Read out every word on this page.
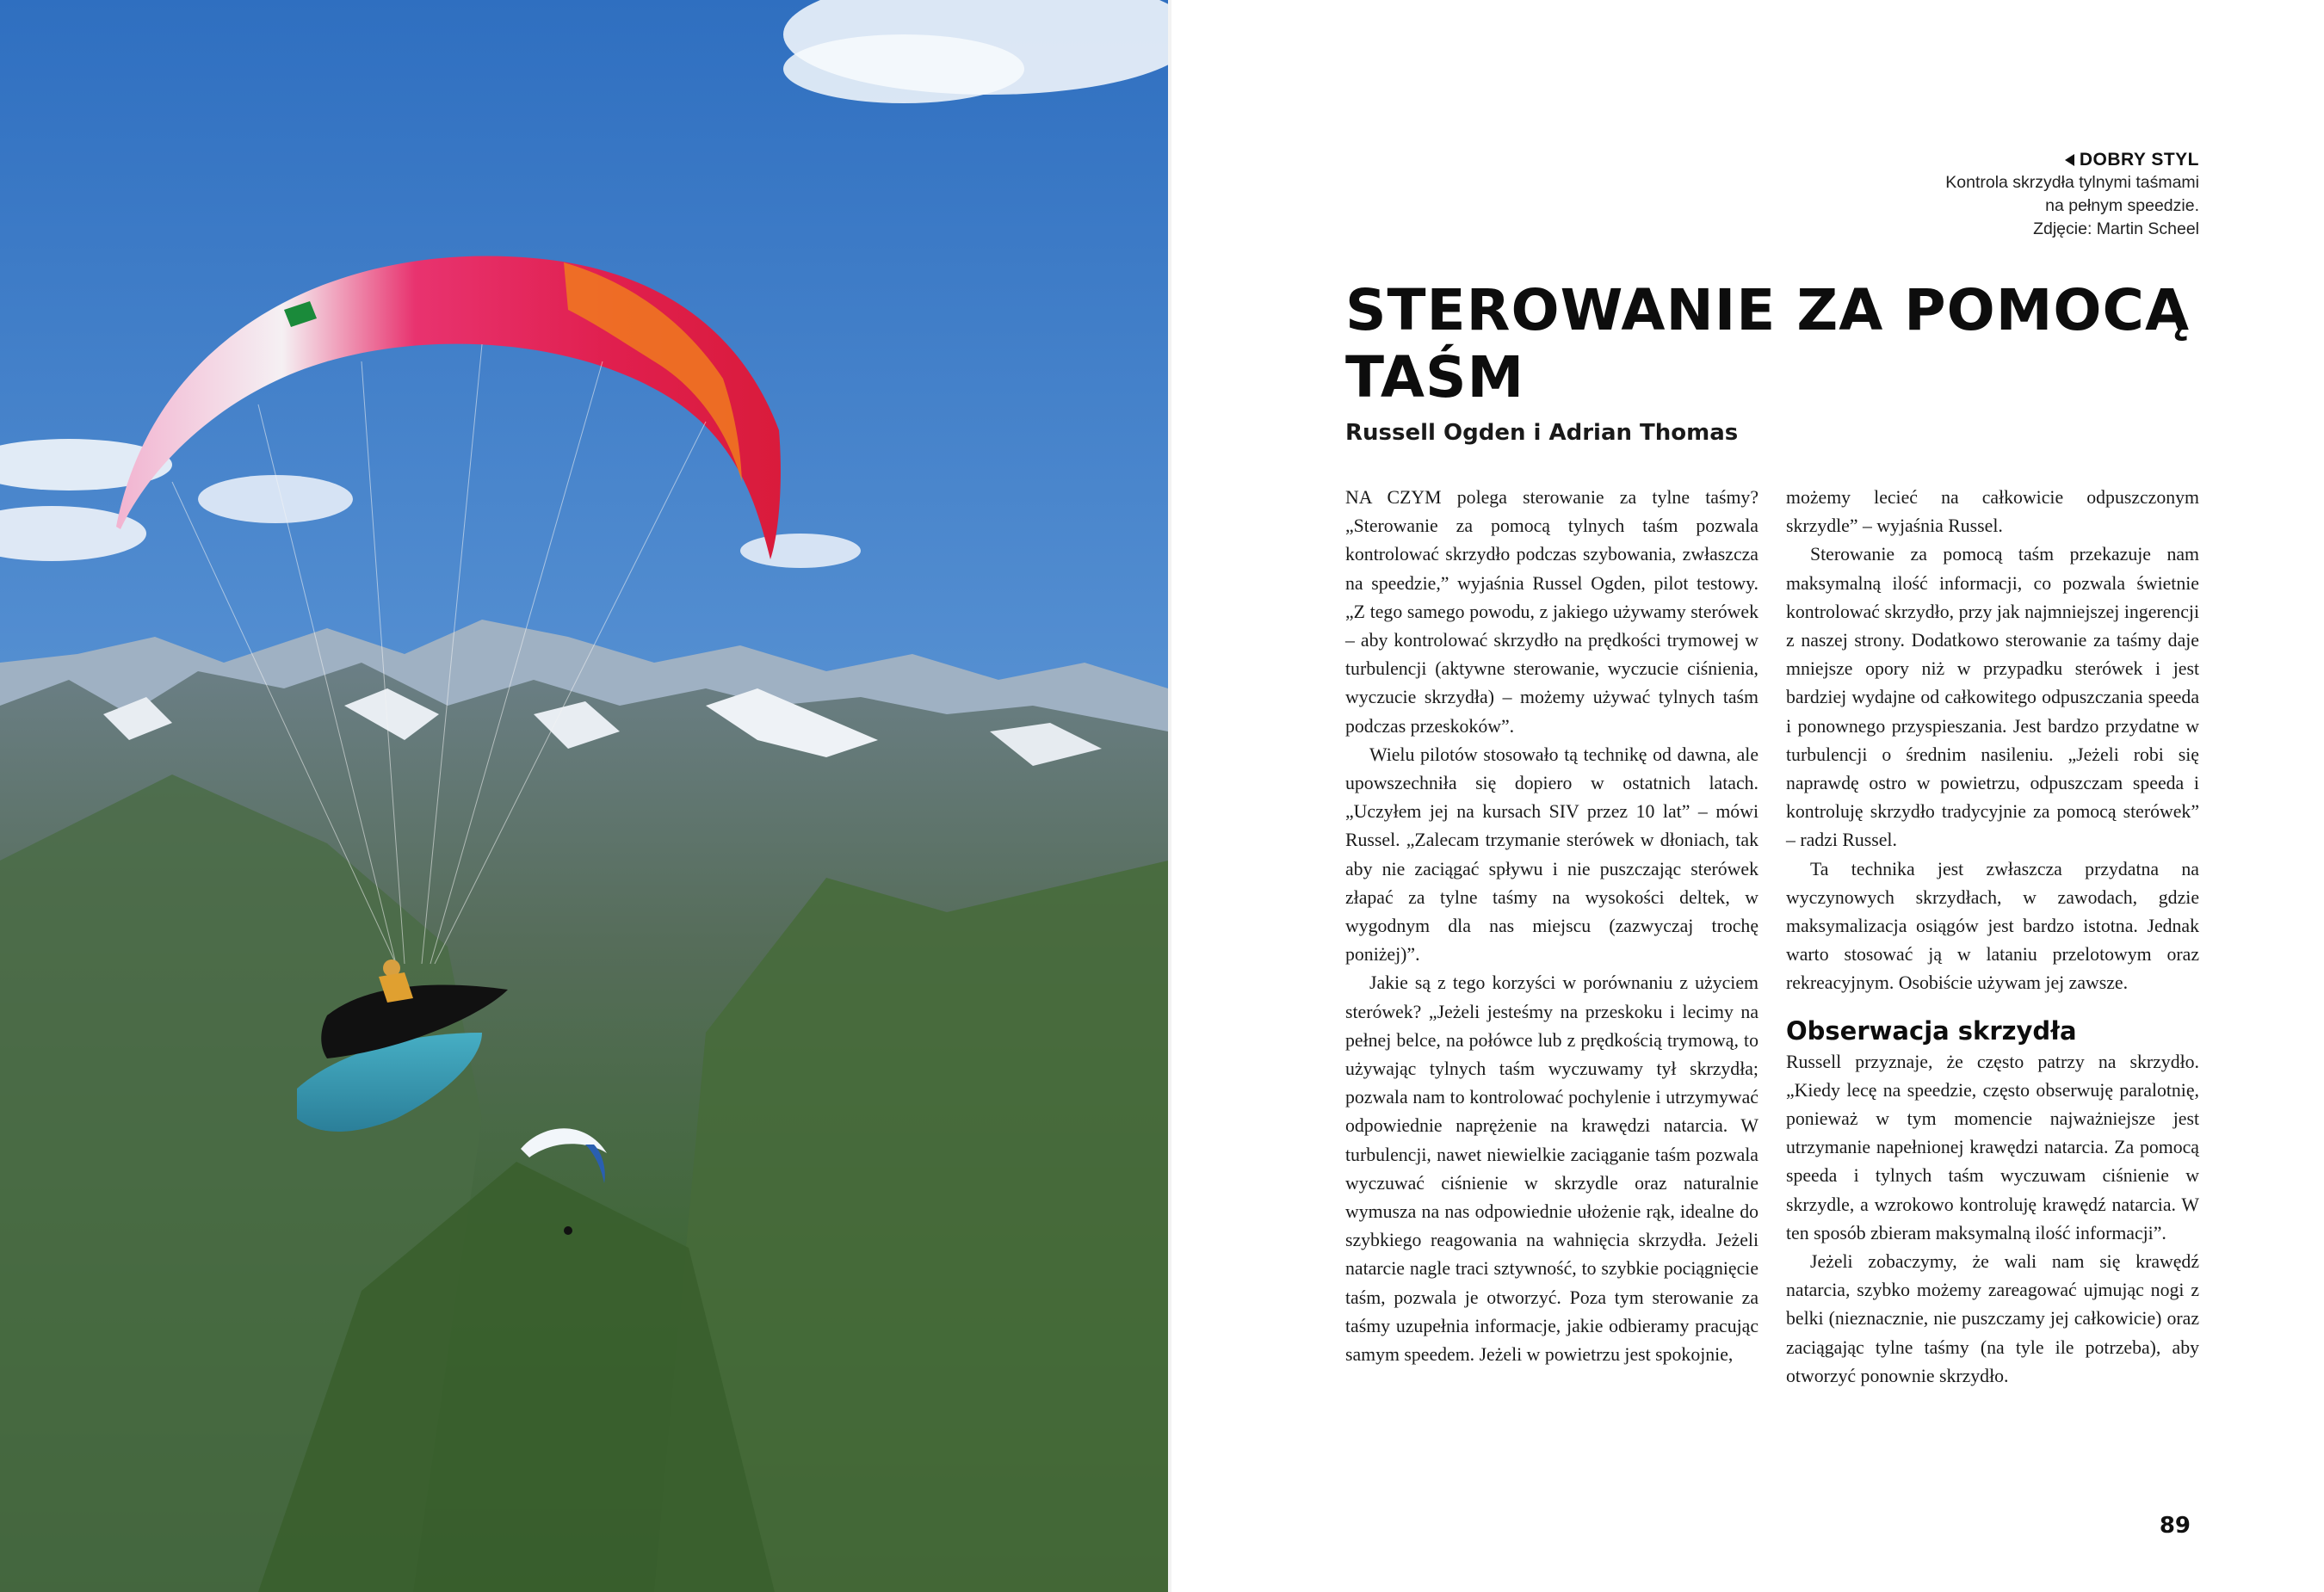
DOBRY STYL
Kontrola skrzydła tylnymi taśmami
na pełnym speedzie.
Zdjęcie: Martin Scheel
STEROWANIE ZA POMOCĄ
TAŚM
Russell Ogden i Adrian Thomas

NA CZYM polega sterowanie za tylne taśmy? „Sterowanie za pomocą tylnych taśm pozwala kontrolować skrzydło podczas szybowania, zwłaszcza na speedzie,” wyjaśnia Russel Ogden, pilot testowy. „Z tego samego powodu, z jakiego używamy sterówek – aby kontrolować skrzydło na prędkości trymowej w turbulencji (aktywne sterowanie, wyczucie ciśnienia, wyczucie skrzydła) – możemy używać tylnych taśm podczas przeskoków”.

Wielu pilotów stosowało tą technikę od dawna, ale upowszechniła się dopiero w ostatnich latach. „Uczyłem jej na kursach SIV przez 10 lat” – mówi Russel. „Zalecam trzymanie sterówek w dłoniach, tak aby nie zaciągać spływu i nie puszczając sterówek złapać za tylne taśmy na wysokości deltek, w wygodnym dla nas miejscu (zazwyczaj trochę poniżej)”.

Jakie są z tego korzyści w porównaniu z użyciem sterówek? „Jeżeli jesteśmy na przeskoku i lecimy na pełnej belce, na połówce lub z prędkością trymową, to używając tylnych taśm wyczuwamy tył skrzydła; pozwala nam to kontrolować pochylenie i utrzymywać odpowiednie naprężenie na krawędzi natarcia. W turbulencji, nawet niewielkie zaciąganie taśm pozwala wyczuwać ciśnienie w skrzydle oraz naturalnie wymusza na nas odpowiednie ułożenie rąk, idealne do szybkiego reagowania na wahnięcia skrzydła. Jeżeli natarcie nagle traci sztywność, to szybkie pociągnięcie taśm, pozwala je otworzyć. Poza tym sterowanie za taśmy uzupełnia informacje, jakie odbieramy pracując samym speedem. Jeżeli w powietrzu jest spokojnie,

możemy lecieć na całkowicie odpuszczonym skrzydle” – wyjaśnia Russel.

Sterowanie za pomocą taśm przekazuje nam maksymalną ilość informacji, co pozwala świetnie kontrolować skrzydło, przy jak najmniejszej ingerencji z naszej strony. Dodatkowo sterowanie za taśmy daje mniejsze opory niż w przypadku sterówek i jest bardziej wydajne od całkowitego odpuszczania speeda i ponownego przyspieszania. Jest bardzo przydatne w turbulencji o średnim nasileniu. „Jeżeli robi się naprawdę ostro w powietrzu, odpuszczam speeda i kontroluję skrzydło tradycyjnie za pomocą sterówek” – radzi Russel.

Ta technika jest zwłaszcza przydatna na wyczynowych skrzydłach, w zawodach, gdzie maksymalizacja osiągów jest bardzo istotna. Jednak warto stosować ją w lataniu przelotowym oraz rekreacyjnym. Osobiście używam jej zawsze.

Obserwacja skrzydła

Russell przyznaje, że często patrzy na skrzydło. „Kiedy lecę na speedzie, często obserwuję paralotnię, ponieważ w tym momencie najważniejsze jest utrzymanie napełnionej krawędzi natarcia. Za pomocą speeda i tylnych taśm wyczuwam ciśnienie w skrzydle, a wzrokowo kontroluję krawędź natarcia. W ten sposób zbieram maksymalną ilość informacji”.

Jeżeli zobaczymy, że wali nam się krawędź natarcia, szybko możemy zareagować ujmując nogi z belki (nieznacznie, nie puszczamy jej całkowicie) oraz zaciągając tylne taśmy (na tyle ile potrzeba), aby otworzyć ponownie skrzydło.

89
